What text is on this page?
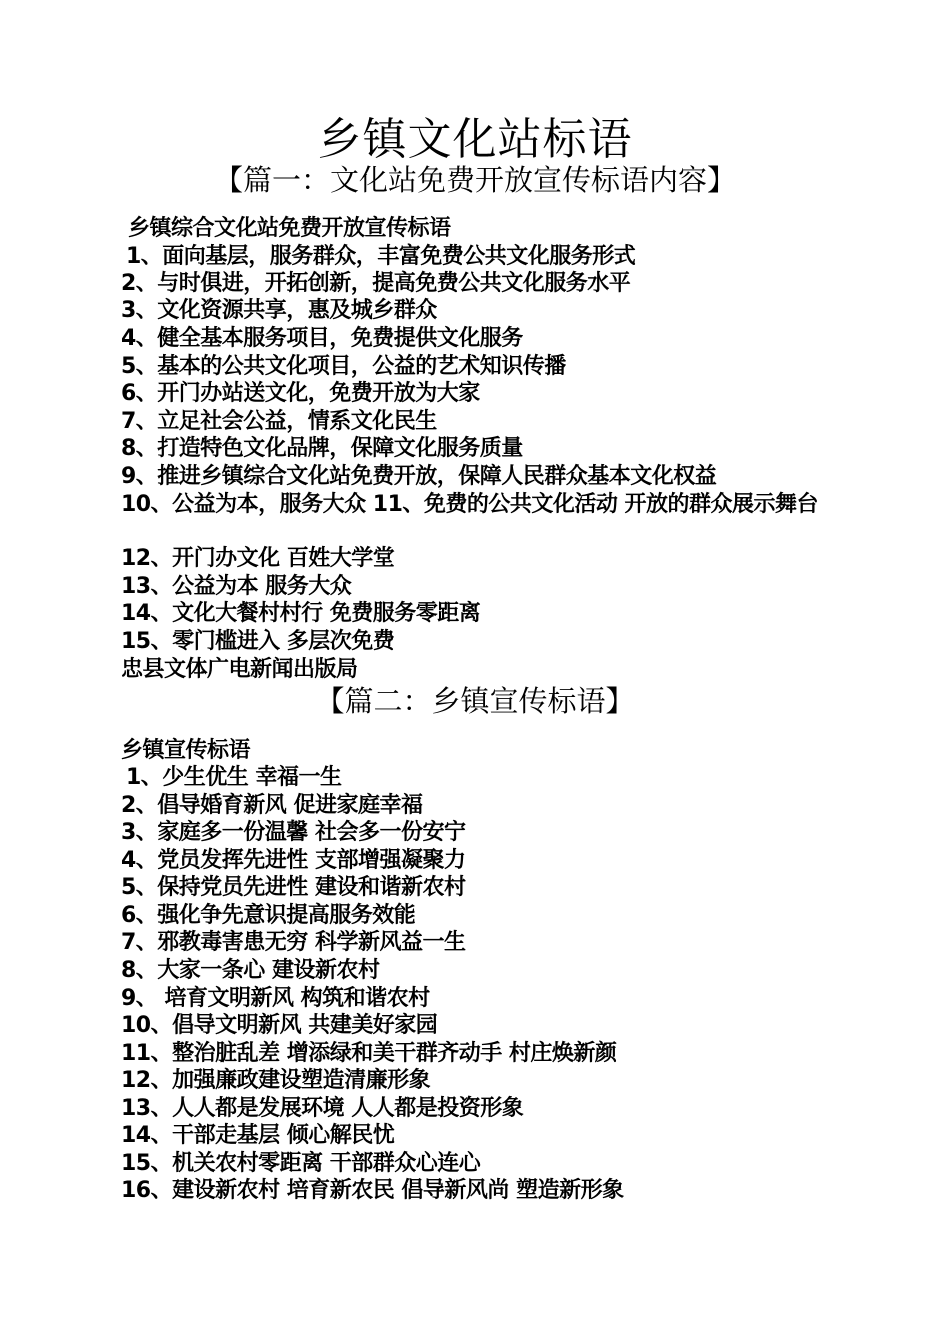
乡镇文化站标语
【篇一：文化站免费开放宣传标语内容】
乡镇综合文化站免费开放宣传标语
1、面向基层，服务群众，丰富免费公共文化服务形式
2、与时俱进，开拓创新，提高免费公共文化服务水平
3、文化资源共享，惠及城乡群众
4、健全基本服务项目，免费提供文化服务
5、基本的公共文化项目，公益的艺术知识传播
6、开门办站送文化，免费开放为大家
7、立足社会公益，情系文化民生
8、打造特色文化品牌，保障文化服务质量
9、推进乡镇综合文化站免费开放，保障人民群众基本文化权益
10、公益为本，服务大众 11、免费的公共文化活动 开放的群众展示舞台
12、开门办文化 百姓大学堂
13、公益为本 服务大众
14、文化大餐村村行 免费服务零距离
15、零门槛进入 多层次免费
忠县文体广电新闻出版局
【篇二：乡镇宣传标语】
乡镇宣传标语
1、少生优生 幸福一生
2、倡导婚育新风 促进家庭幸福
3、家庭多一份温馨 社会多一份安宁
4、党员发挥先进性 支部增强凝聚力
5、保持党员先进性 建设和谐新农村
6、强化争先意识提高服务效能
7、邪教毒害患无穷 科学新风益一生
8、大家一条心 建设新农村
9、 培育文明新风 构筑和谐农村
10、倡导文明新风 共建美好家园
11、整治脏乱差 增添绿和美干群齐动手 村庄焕新颜
12、加强廉政建设塑造清廉形象
13、人人都是发展环境 人人都是投资形象
14、干部走基层 倾心解民忧
15、机关农村零距离 干部群众心连心
16、建设新农村 培育新农民 倡导新风尚 塑造新形象
